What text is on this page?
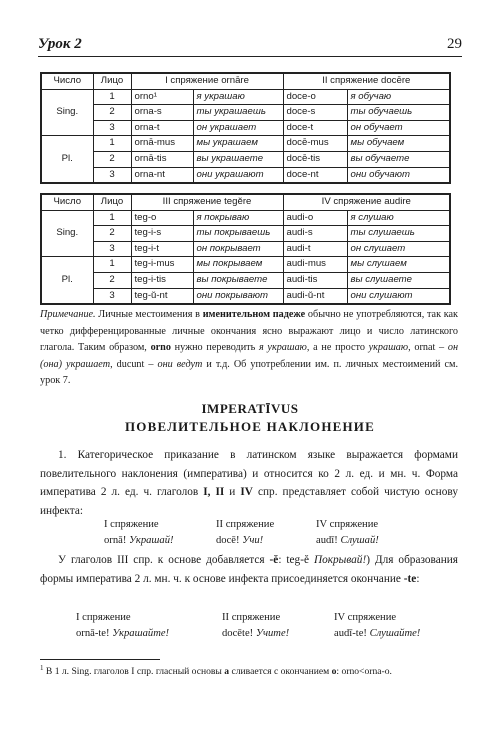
Урок 2	29
Число	Лицо	I спряжение ornāre		II спряжение docēre	
Sing.	1	orno¹	я украшаю	doce-o	я обучаю
	2	orna-s	ты украшаешь	doce-s	ты обучаешь
	3	orna-t	он украшает	doce-t	он обучает
Pl.	1	ornā-mus	мы украшаем	docē-mus	мы обучаем
	2	ornā-tis	вы украшаете	docē-tis	вы обучаете
	3	orna-nt	они украшают	doce-nt	они обучают
Число	Лицо	III спряжение tegĕre		IV спряжение audire	
Sing.	1	teg-o	я покрываю	audi-o	я слушаю
	2	teg-i-s	ты покрываешь	audi-s	ты слушаешь
	3	teg-i-t	он покрывает	audi-t	он слушает
Pl.	1	teg-i-mus	мы покрываем	audi-mus	мы слушаем
	2	teg-i-tis	вы покрываете	audi-tis	вы слушаете
	3	teg-ŭ-nt	они покрывают	audi-ŭ-nt	они слушают
Примечание. Личные местоимения в именительном падеже обычно не употребляются, так как четко дифференцированные личные окончания ясно выражают лицо и число латинского глагола. Таким образом, orno нужно переводить я украшаю, а не просто украшаю, ornat – он (она) украшает, ducunt – они ведут и т.д. Об употреблении им. п. личных местоимений см. урок 7.
IMPERATĪVUS
ПОВЕЛИТЕЛЬНОЕ НАКЛОНЕНИЕ
1. Категорическое приказание в латинском языке выражается формами повелительного наклонения (императива) и относится ко 2 л. ед. и мн. ч. Форма императива 2 л. ед. ч. глаголов I, II и IV спр. представляет собой чистую основу инфекта:
I спряжение
ornā! Украшай!
II спряжение
docē! Учи!
IV спряжение
audī! Слушай!
У глаголов III спр. к основе добавляется -ĕ: teg-ĕ Покрывай!) Для образования формы императива 2 л. мн. ч. к основе инфекта присоединяется окончание -te:
I спряжение
ornā-te! Украшайте!
II спряжение
docēte! Учите!
IV спряжение
audī-te! Слушайте!
$^1$ В 1 л. Sing. глаголов I спр. гласный основы а сливается с окончанием о: orno<orna-o.
